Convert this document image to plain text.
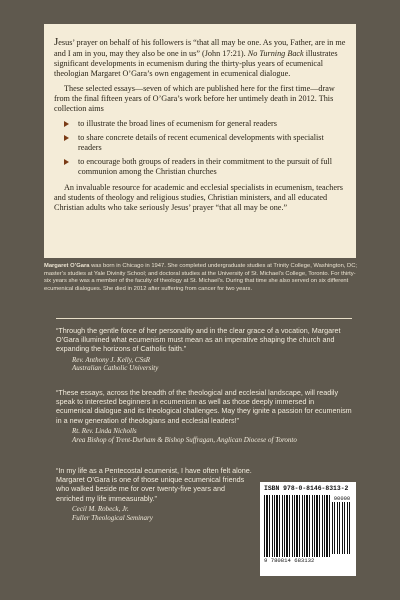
Jesus’ prayer on behalf of his followers is “that all may be one. As you, Father, are in me and I am in you, may they also be one in us” (John 17:21). No Turning Back illustrates significant developments in ecumenism during the thirty-plus years of ecumenical theologian Margaret O’Gara’s own engagement in ecumenical dialogue.

These selected essays—seven of which are published here for the first time—draw from the final fifteen years of O’Gara’s work before her untimely death in 2012. This collection aims

to illustrate the broad lines of ecumenism for general readers
to share concrete details of recent ecumenical developments with specialist readers
to encourage both groups of readers in their commitment to the pursuit of full communion among the Christian churches

An invaluable resource for academic and ecclesial specialists in ecumenism, teachers and students of theology and religious studies, Christian ministers, and all educated Christian adults who take seriously Jesus’ prayer “that all may be one.”

Margaret O’Gara was born in Chicago in 1947. She completed undergraduate studies at Trinity College, Washington, DC; master’s studies at Yale Divinity School; and doctoral studies at the University of St. Michael’s College, Toronto. For thirty-six years she was a member of the faculty of theology at St. Michael’s. During that time she also served on six different ecumenical dialogues. She died in 2012 after suffering from cancer for two years.
“Through the gentle force of her personality and in the clear grace of a vocation, Margaret O’Gara illumined what ecumenism must mean as an imperative shaping the church and expanding the horizons of Catholic faith.”
Rev. Anthony J. Kelly, CSsR
Australian Catholic University
“These essays, across the breadth of the theological and ecclesial landscape, will readily speak to interested beginners in ecumenism as well as those deeply immersed in ecumenical dialogue and its theological challenges. May they ignite a passion for ecumenism in a new generation of theologians and ecclesial leaders!”
Rt. Rev. Linda Nicholls
Area Bishop of Trent-Durham & Bishop Suffragan, Anglican Diocese of Toronto
“In my life as a Pentecostal ecumenist, I have often felt alone. Margaret O’Gara is one of those unique ecumenical friends who walked beside me for over twenty-five years and enriched my life immeasurably.”
Cecil M. Robeck, Jr.
Fuller Theological Seminary
ISBN 978-0-8146-8313-2
90000
9 780814 683132
